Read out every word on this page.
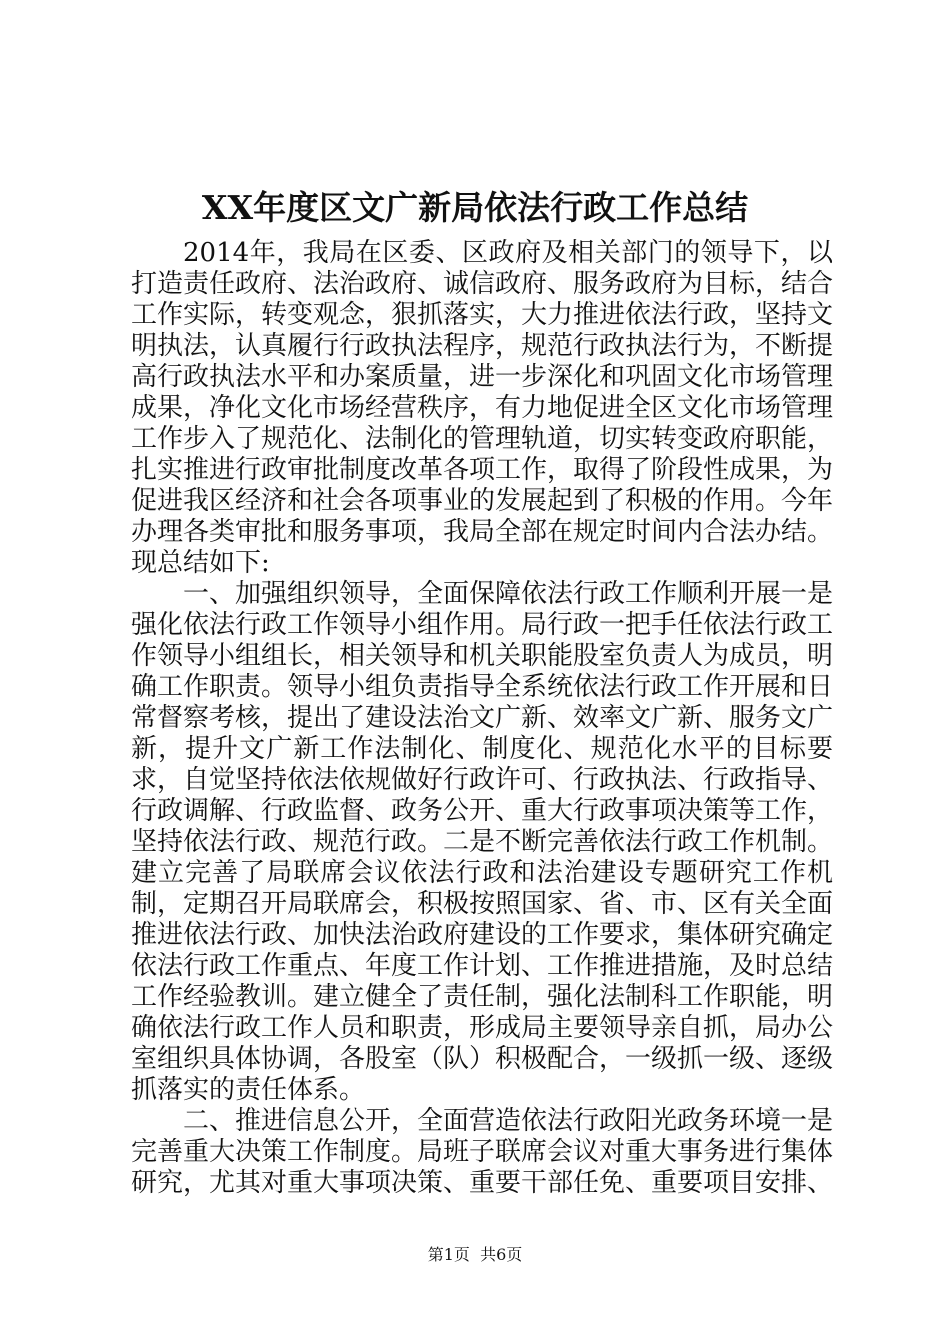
XX年度区文广新局依法行政工作总结

2014年，我局在区委、区政府及相关部门的领导下，以打造责任政府、法治政府、诚信政府、服务政府为目标，结合工作实际，转变观念，狠抓落实，大力推进依法行政，坚持文明执法，认真履行行政执法程序，规范行政执法行为，不断提高行政执法水平和办案质量，进一步深化和巩固文化市场管理成果，净化文化市场经营秩序，有力地促进全区文化市场管理工作步入了规范化、法制化的管理轨道，切实转变政府职能，扎实推进行政审批制度改革各项工作，取得了阶段性成果，为促进我区经济和社会各项事业的发展起到了积极的作用。今年办理各类审批和服务事项，我局全部在规定时间内合法办结。现总结如下:

一、加强组织领导，全面保障依法行政工作顺利开展一是强化依法行政工作领导小组作用。局行政一把手任依法行政工作领导小组组长，相关领导和机关职能股室负责人为成员，明确工作职责。领导小组负责指导全系统依法行政工作开展和日常督察考核，提出了建设法治文广新、效率文广新、服务文广新，提升文广新工作法制化、制度化、规范化水平的目标要求，自觉坚持依法依规做好行政许可、行政执法、行政指导、行政调解、行政监督、政务公开、重大行政事项决策等工作，坚持依法行政、规范行政。二是不断完善依法行政工作机制。建立完善了局联席会议依法行政和法治建设专题研究工作机制，定期召开局联席会，积极按照国家、省、市、区有关全面推进依法行政、加快法治政府建设的工作要求，集体研究确定依法行政工作重点、年度工作计划、工作推进措施，及时总结工作经验教训。建立健全了责任制，强化法制科工作职能，明确依法行政工作人员和职责，形成局主要领导亲自抓，局办公室组织具体协调，各股室（队）积极配合，一级抓一级、逐级抓落实的责任体系。

二、推进信息公开，全面营造依法行政阳光政务环境一是完善重大决策工作制度。局班子联席会议对重大事务进行集体研究，尤其对重大事项决策、重要干部任免、重要项目安排、

第1页  共6页
